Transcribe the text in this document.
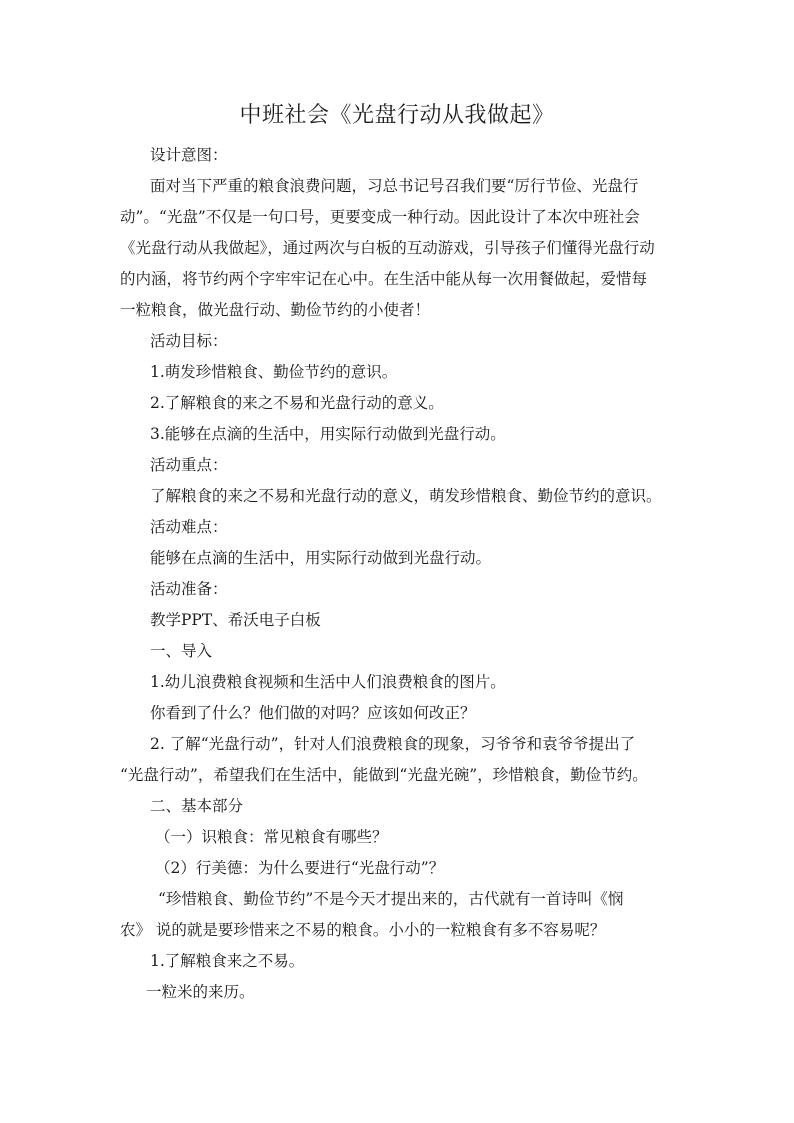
中班社会《光盘行动从我做起》
设计意图：
面对当下严重的粮食浪费问题，习总书记号召我们要“厉行节俭、光盘行
动”。“光盘”不仅是一句口号，更要变成一种行动。因此设计了本次中班社会
《光盘行动从我做起》，通过两次与白板的互动游戏，引导孩子们懂得光盘行动
的内涵，将节约两个字牢牢记在心中。在生活中能从每一次用餐做起，爱惜每
一粒粮食，做光盘行动、勤俭节约的小使者！
活动目标：
1.萌发珍惜粮食、勤俭节约的意识。
2.了解粮食的来之不易和光盘行动的意义。
3.能够在点滴的生活中，用实际行动做到光盘行动。
活动重点：
了解粮食的来之不易和光盘行动的意义，萌发珍惜粮食、勤俭节约的意识。
活动难点：
能够在点滴的生活中，用实际行动做到光盘行动。
活动准备：
教学PPT、希沃电子白板
一、导入
1.幼儿浪费粮食视频和生活中人们浪费粮食的图片。
你看到了什么？他们做的对吗？应该如何改正？
2. 了解“光盘行动”，针对人们浪费粮食的现象，习爷爷和袁爷爷提出了
“光盘行动”，希望我们在生活中，能做到“光盘光碗”，珍惜粮食，勤俭节约。
二、基本部分
（一）识粮食：常见粮食有哪些？
（2）行美德：为什么要进行“光盘行动”？
“珍惜粮食、勤俭节约”不是今天才提出来的，古代就有一首诗叫《悯
农》 说的就是要珍惜来之不易的粮食。小小的一粒粮食有多不容易呢？
1.了解粮食来之不易。
一粒米的来历。
